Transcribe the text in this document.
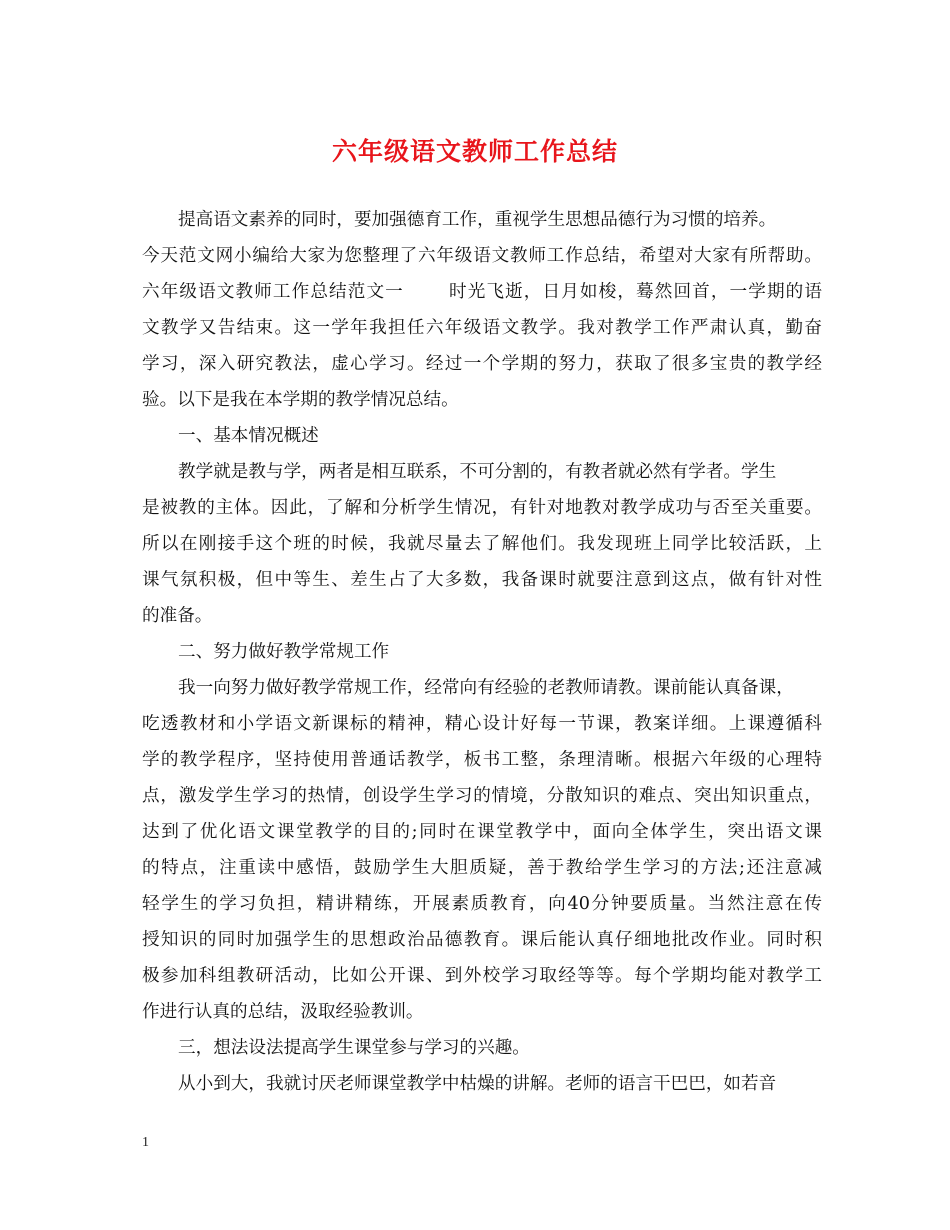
六年级语文教师工作总结
提高语文素养的同时，要加强德育工作，重视学生思想品德行为习惯的培养。
今天范文网小编给大家为您整理了六年级语文教师工作总结，希望对大家有所帮助。
六年级语文教师工作总结范文一	时光飞逝，日月如梭，蓦然回首，一学期的语
文教学又告结束。这一学年我担任六年级语文教学。我对教学工作严肃认真，勤奋
学习，深入研究教法，虚心学习。经过一个学期的努力，获取了很多宝贵的教学经
验。以下是我在本学期的教学情况总结。
一、基本情况概述
教学就是教与学，两者是相互联系，不可分割的，有教者就必然有学者。学生
是被教的主体。因此，了解和分析学生情况，有针对地教对教学成功与否至关重要。
所以在刚接手这个班的时候，我就尽量去了解他们。我发现班上同学比较活跃，上
课气氛积极，但中等生、差生占了大多数，我备课时就要注意到这点，做有针对性
的准备。
二、努力做好教学常规工作
我一向努力做好教学常规工作，经常向有经验的老教师请教。课前能认真备课，
吃透教材和小学语文新课标的精神，精心设计好每一节课，教案详细。上课遵循科
学的教学程序，坚持使用普通话教学，板书工整，条理清晰。根据六年级的心理特
点，激发学生学习的热情，创设学生学习的情境，分散知识的难点、突出知识重点，
达到了优化语文课堂教学的目的;同时在课堂教学中，面向全体学生，突出语文课
的特点，注重读中感悟，鼓励学生大胆质疑，善于教给学生学习的方法;还注意减
轻学生的学习负担，精讲精练，开展素质教育，向40分钟要质量。当然注意在传
授知识的同时加强学生的思想政治品德教育。课后能认真仔细地批改作业。同时积
极参加科组教研活动，比如公开课、到外校学习取经等等。每个学期均能对教学工
作进行认真的总结，汲取经验教训。
三，想法设法提高学生课堂参与学习的兴趣。
从小到大，我就讨厌老师课堂教学中枯燥的讲解。老师的语言干巴巴，如若音
1
